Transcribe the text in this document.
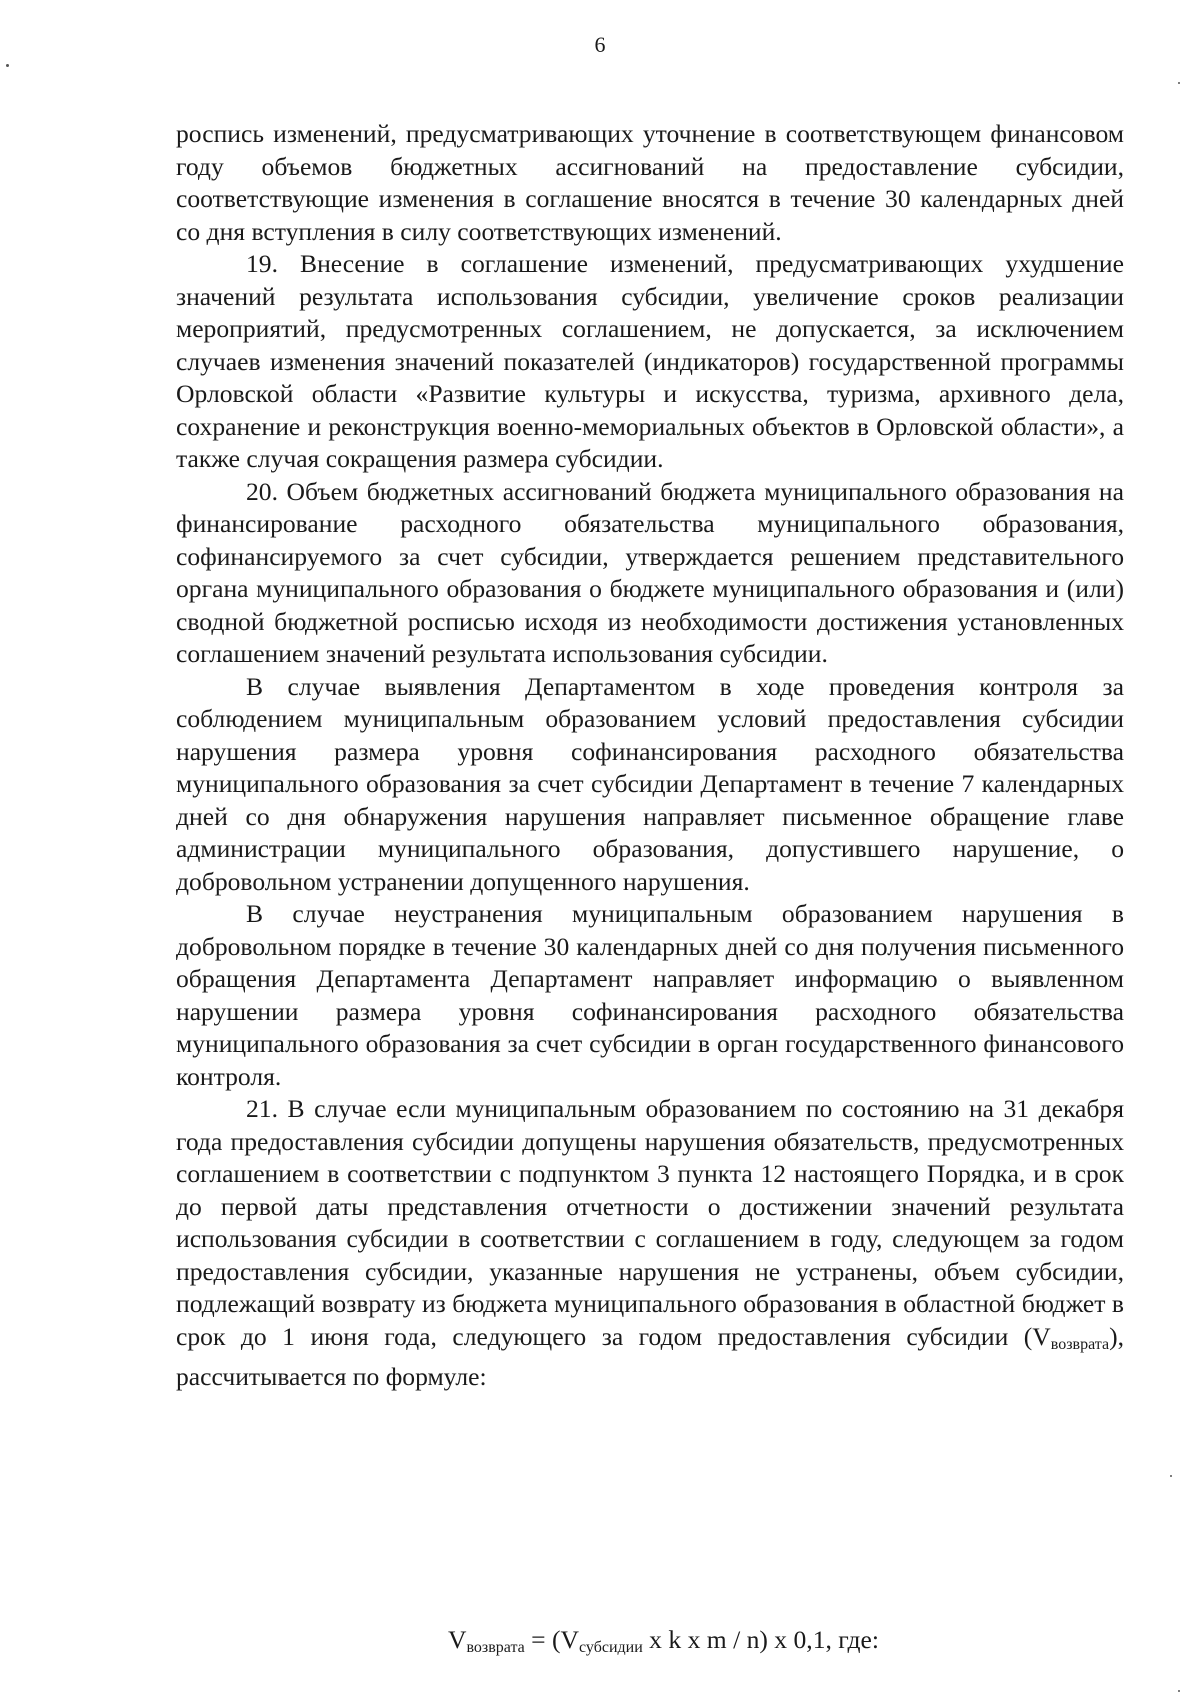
6

роспись изменений, предусматривающих уточнение в соответствующем финансовом году объемов бюджетных ассигнований на предоставление субсидии, соответствующие изменения в соглашение вносятся в течение 30 календарных дней со дня вступления в силу соответствующих изменений.

19. Внесение в соглашение изменений, предусматривающих ухудшение значений результата использования субсидии, увеличение сроков реализации мероприятий, предусмотренных соглашением, не допускается, за исключением случаев изменения значений показателей (индикаторов) государственной программы Орловской области «Развитие культуры и искусства, туризма, архивного дела, сохранение и реконструкция военно-мемориальных объектов в Орловской области», а также случая сокращения размера субсидии.

20. Объем бюджетных ассигнований бюджета муниципального образования на финансирование расходного обязательства муниципального образования, софинансируемого за счет субсидии, утверждается решением представительного органа муниципального образования о бюджете муниципального образования и (или) сводной бюджетной росписью исходя из необходимости достижения установленных соглашением значений результата использования субсидии.

В случае выявления Департаментом в ходе проведения контроля за соблюдением муниципальным образованием условий предоставления субсидии нарушения размера уровня софинансирования расходного обязательства муниципального образования за счет субсидии Департамент в течение 7 календарных дней со дня обнаружения нарушения направляет письменное обращение главе администрации муниципального образования, допустившего нарушение, о добровольном устранении допущенного нарушения.

В случае неустранения муниципальным образованием нарушения в добровольном порядке в течение 30 календарных дней со дня получения письменного обращения Департамента Департамент направляет информацию о выявленном нарушении размера уровня софинансирования расходного обязательства муниципального образования за счет субсидии в орган государственного финансового контроля.

21. В случае если муниципальным образованием по состоянию на 31 декабря года предоставления субсидии допущены нарушения обязательств, предусмотренных соглашением в соответствии с подпунктом 3 пункта 12 настоящего Порядка, и в срок до первой даты представления отчетности о достижении значений результата использования субсидии в соответствии с соглашением в году, следующем за годом предоставления субсидии, указанные нарушения не устранены, объем субсидии, подлежащий возврату из бюджета муниципального образования в областной бюджет в срок до 1 июня года, следующего за годом предоставления субсидии (Vвозврата), рассчитывается по формуле:

$V_{возврата} = (V_{субсидии}$ x k x m / n) x 0,1, где:
